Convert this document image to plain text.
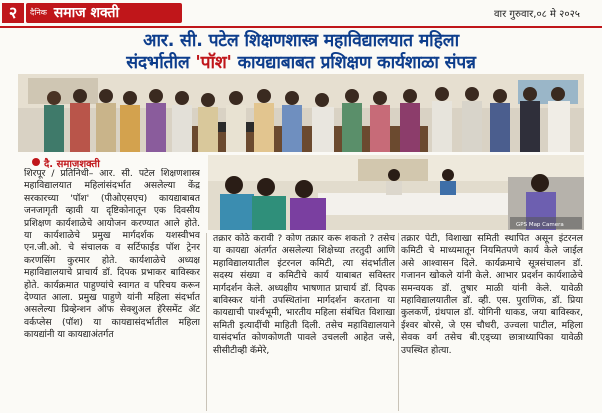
२	$^{दैनिक}$ समाज शक्ती	वार गुरुवार,०८ मे २०२५
आर. सी. पटेल शिक्षणशास्त्र महाविद्यालयात महिला
संदर्भातील 'पॉश' कायद्याबाबत प्रशिक्षण कार्यशाळा संपन्न
GPS Map Camera
दै. समाजशक्ती
शिरपूर / प्रतिनिधी– आर. सी. पटेल शिक्षणशास्त्र महाविद्यालयात महिलांसंदर्भात असलेल्या केंद्र सरकारच्या 'पॉश' (पीओएसएच) कायद्याबाबत जनजागृती व्हावी या दृष्टिकोनातून एक दिवसीय प्रशिक्षण कार्यशाळेचे आयोजन करण्यात आले होते. या कार्यशाळेचे प्रमुख मार्गदर्शक यशस्वीभव एन.जी.ओ. चे संचालक व सर्टिफाईड पॉश ट्रेनर करणसिंग कुरमार होते. कार्यशाळेचे अध्यक्ष महाविद्यालयाचे प्राचार्य डॉ. दिपक प्रभाकर बाविस्कर होते. कार्यक्रमात पाहुण्यांचे स्वागत व परिचय करून देण्यात आला. प्रमुख पाहुणे यांनी महिला संदर्भात असलेल्या प्रिव्हेन्शन ऑफ सेक्शुअल हॅरेसमेंट ॲट वर्कप्लेस (पॉश) या कायद्यासंदर्भातील महिला कायद्यांनी या कायद्याअंतर्गत
तक्रार कोठे करावी ? कोण तक्रार करू शकतो ? तसेच या कायद्या अंतर्गत असलेल्या शिक्षेच्या तरतुदी आणि महाविद्यालयातील इंटरनल कमिटी, त्या संदर्भातील सदस्य संख्या व कमिटीचे कार्य याबाबत सविस्तर मार्गदर्शन केले. अध्यक्षीय भाषणात प्राचार्य डॉ. दिपक बाविस्कर यांनी उपस्थितांना मार्गदर्शन करताना या कायद्याची पार्श्वभूमी, भारतीय महिला संबंधित विशाखा समिती इत्यादींची माहिती दिली. तसेच महाविद्यालयाने यासंदर्भात कोणकोणती पावले उचलली आहेत जसे, सीसीटीव्ही कॅमेरे,
तक्रार पेटी, विशाखा समिती स्थापित असून इंटरनल कमिटी चे माध्यमातून नियमितपणे कार्य केले जाईल असे आश्वासन दिले. कार्यक्रमाचे सूत्रसंचालन डॉ. गजानन खोकले यांनी केले. आभार प्रदर्शन कार्यशाळेचे समन्वयक डॉ. तुषार माळी यांनी केले. यावेळी महाविद्यालयातील डॉ. व्ही. एस. पुराणिक, डॉ. प्रिया कुलकर्णे, ग्रंथपाल डॉ. योगिनी धाकड, जया बाविस्कर, ईश्वर बोरसे, जे एस चौधरी, उज्वला पाटील, महिला सेवक वर्ग तसेच बी.एड्च्या छात्राध्यापिका यावेळी उपस्थित होत्या.
